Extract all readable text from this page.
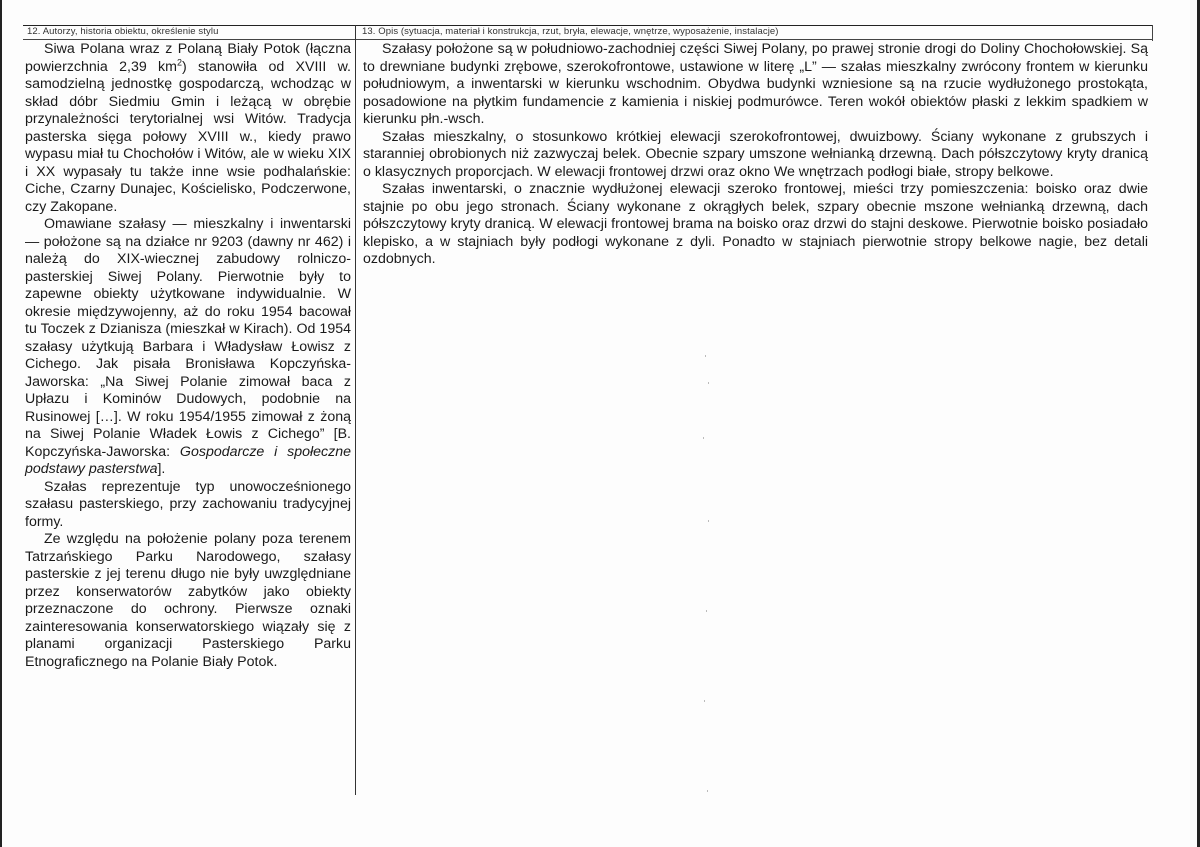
12. Autorzy, historia obiektu, określenie stylu	13. Opis (sytuacja, materiał i konstrukcja, rzut, bryła, elewacje, wnętrze, wyposażenie, instalacje)

Siwa Polana wraz z Polaną Biały Potok (łączna powierzchnia 2,39 $km^2$) stanowiła od XVIII w. samodzielną jednostkę gospodarczą, wchodząc w skład dóbr Siedmiu Gmin i leżącą w obrębie przynależności terytorialnej wsi Witów. Tradycja pasterska sięga połowy XVIII w., kiedy prawo wypasu miał tu Chochołów i Witów, ale w wieku XIX i XX wypasały tu także inne wsie podhalańskie: Ciche, Czarny Dunajec, Kościelisko, Podczerwone, czy Zakopane.

Omawiane szałasy — mieszkalny i inwentarski — położone są na działce nr 9203 (dawny nr 462) i należą do XIX-wiecznej zabudowy rolniczo-pasterskiej Siwej Polany. Pierwotnie były to zapewne obiekty użytkowane indywidualnie. W okresie międzywojenny, aż do roku 1954 bacował tu Toczek z Dzianisza (mieszkał w Kirach). Od 1954 szałasy użytkują Barbara i Władysław Łowisz z Cichego. Jak pisała Bronisława Kopczyńska-Jaworska: „Na Siwej Polanie zimował baca z Upłazu i Kominów Dudowych, podobnie na Rusinowej […]. W roku 1954/1955 zimował z żoną na Siwej Polanie Władek Łowis z Cichego” [B. Kopczyńska-Jaworska: Gospodarcze i społeczne podstawy pasterstwa].

Szałas reprezentuje typ unowocześnionego szałasu pasterskiego, przy zachowaniu tradycyjnej formy.

Ze względu na położenie polany poza terenem Tatrzańskiego Parku Narodowego, szałasy pasterskie z jej terenu długo nie były uwzględniane przez konserwatorów zabytków jako obiekty przeznaczone do ochrony. Pierwsze oznaki zainteresowania konserwatorskiego wiązały się z planami organizacji Pasterskiego Parku Etnograficznego na Polanie Biały Potok.

Szałasy położone są w południowo-zachodniej części Siwej Polany, po prawej stronie drogi do Doliny Chochołowskiej. Są to drewniane budynki zrębowe, szerokofrontowe, ustawione w literę „L” — szałas mieszkalny zwrócony frontem w kierunku południowym, a inwentarski w kierunku wschodnim. Obydwa budynki wzniesione są na rzucie wydłużonego prostokąta, posadowione na płytkim fundamencie z kamienia i niskiej podmurówce. Teren wokół obiektów płaski z lekkim spadkiem w kierunku płn.-wsch.

Szałas mieszkalny, o stosunkowo krótkiej elewacji szerokofrontowej, dwuizbowy. Ściany wykonane z grubszych i staranniej obrobionych niż zazwyczaj belek. Obecnie szpary umszone wełnianką drzewną. Dach półszczytowy kryty dranicą o klasycznych proporcjach. W elewacji frontowej drzwi oraz okno We wnętrzach podłogi białe, stropy belkowe.

Szałas inwentarski, o znacznie wydłużonej elewacji szeroko frontowej, mieści trzy pomieszczenia: boisko oraz dwie stajnie po obu jego stronach. Ściany wykonane z okrągłych belek, szpary obecnie mszone wełnianką drzewną, dach półszczytowy kryty dranicą. W elewacji frontowej brama na boisko oraz drzwi do stajni deskowe. Pierwotnie boisko posiadało klepisko, a w stajniach były podłogi wykonane z dyli. Ponadto w stajniach pierwotnie stropy belkowe nagie, bez detali ozdobnych.
